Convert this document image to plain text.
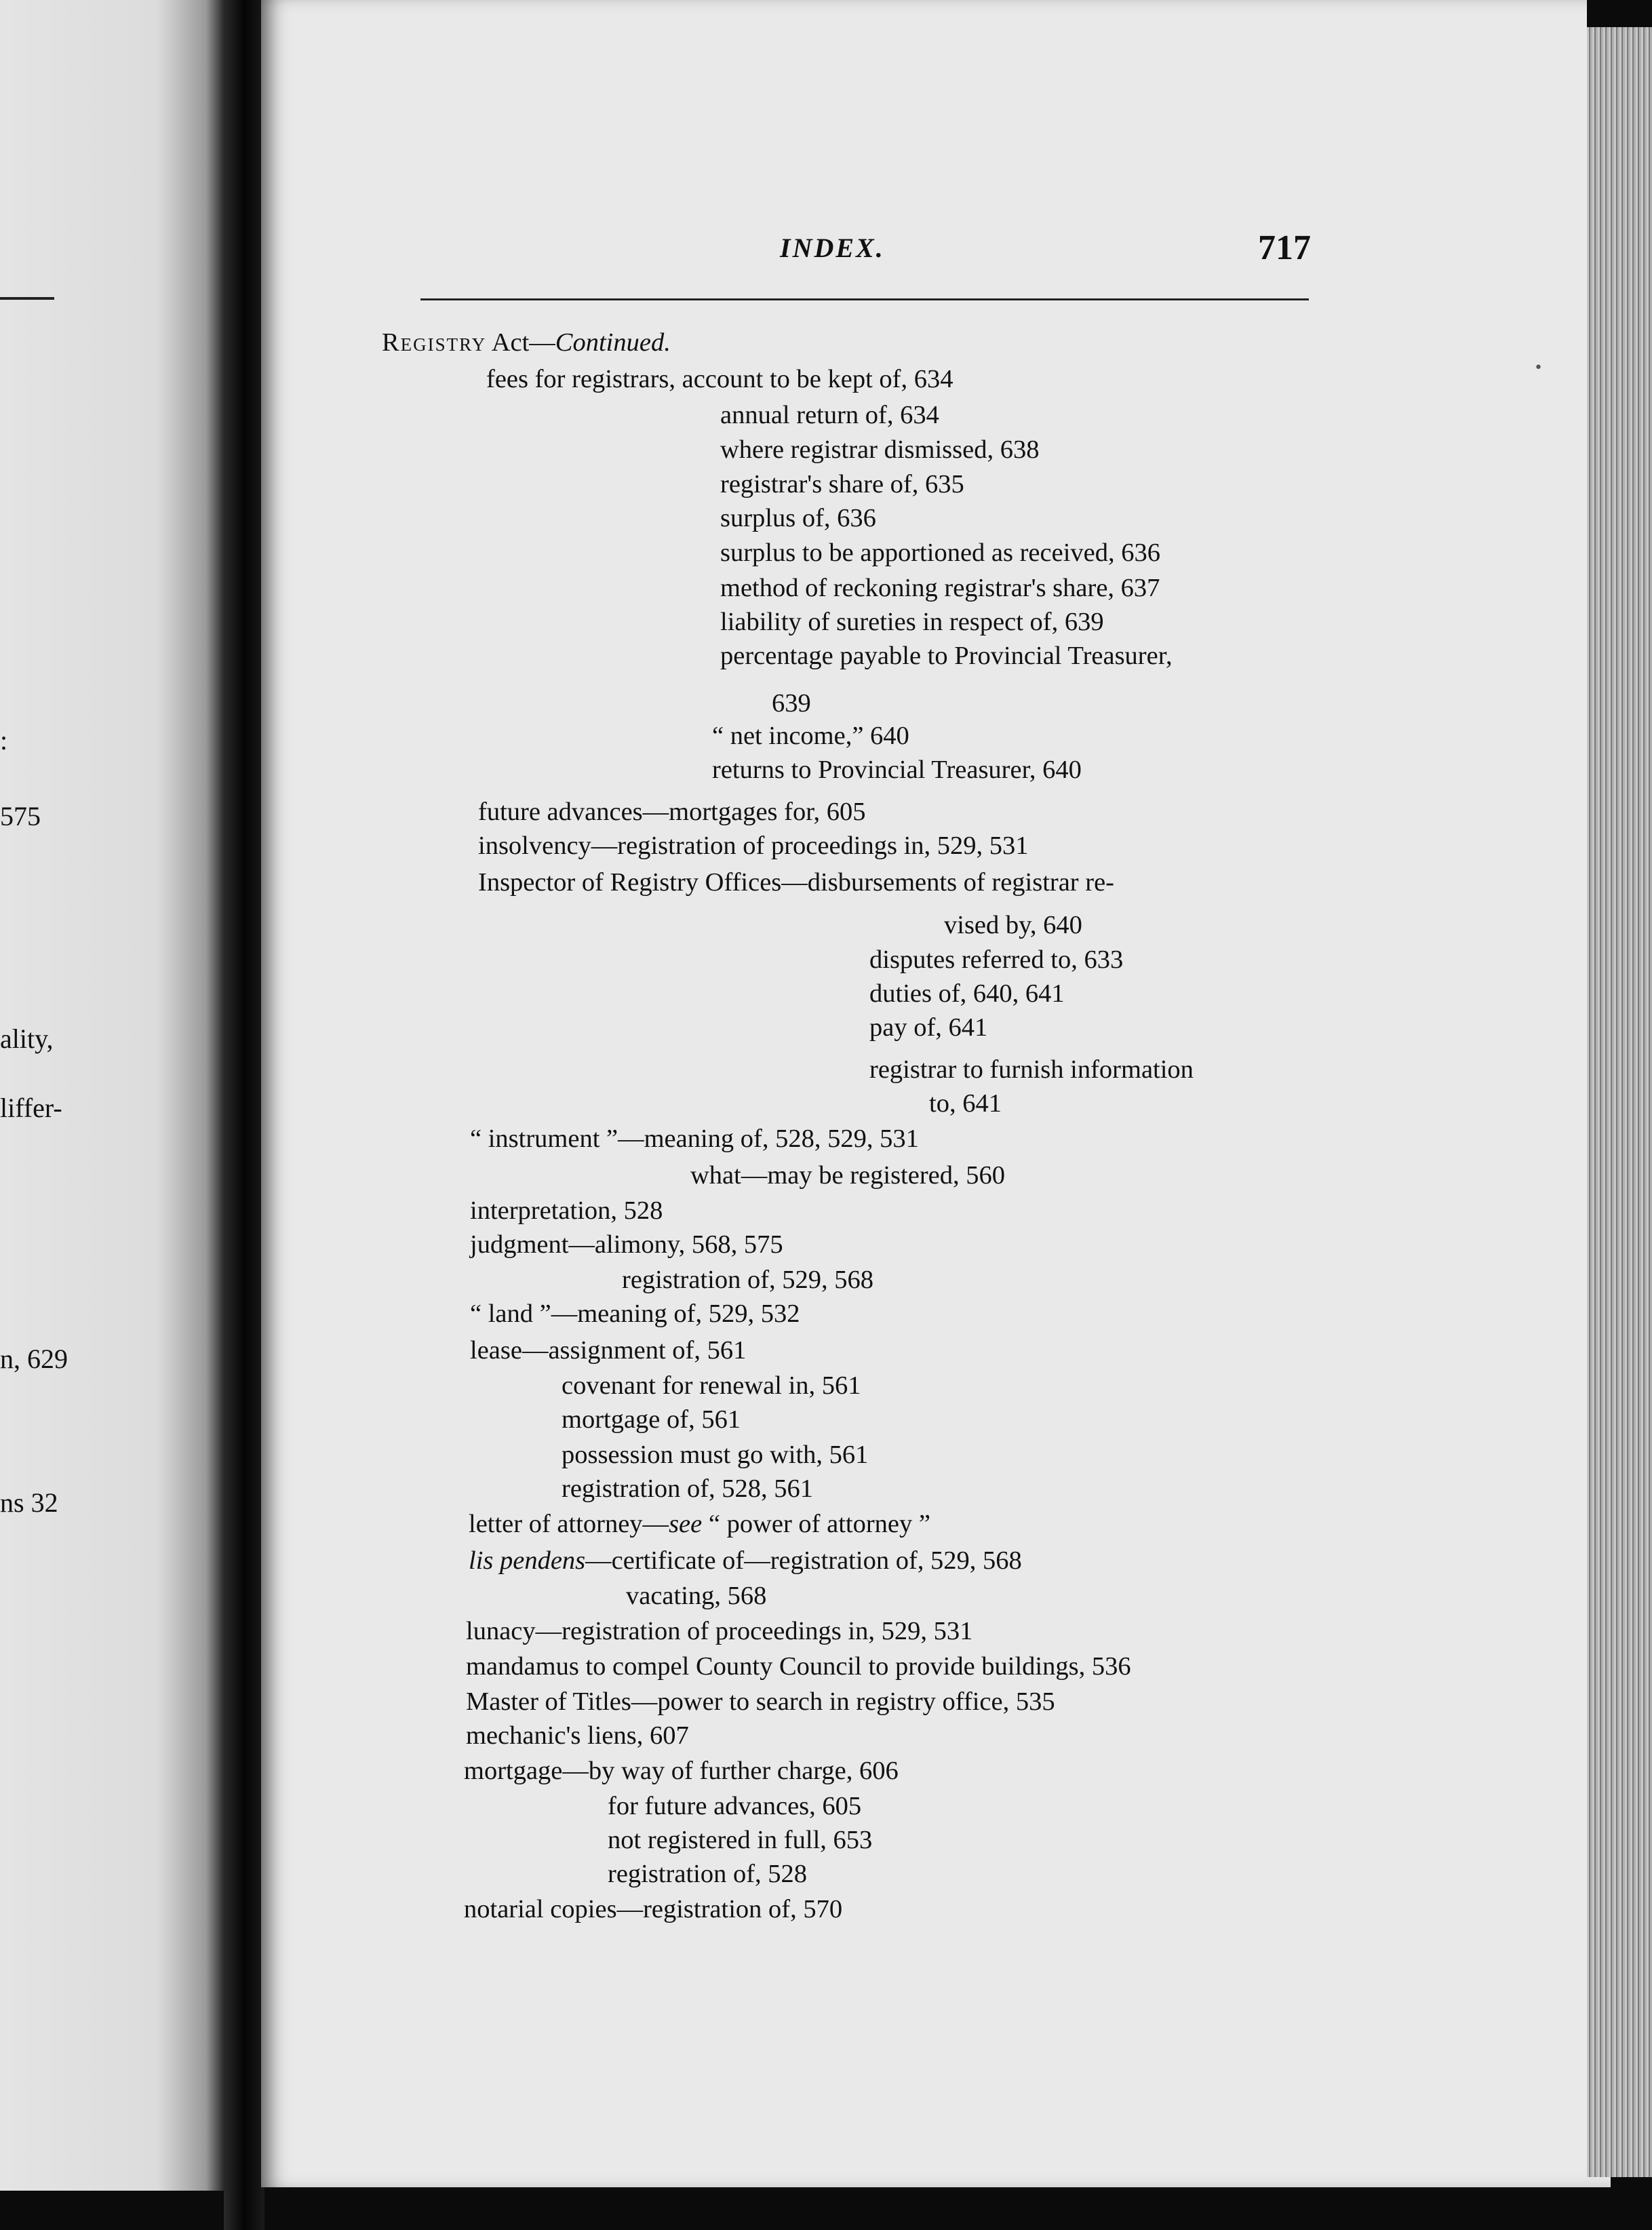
:
575
ality,
liffer-
n, 629
ns 32
INDEX.	717
•
Registry Act—Continued.
fees for registrars, account to be kept of, 634
annual return of, 634
where registrar dismissed, 638
registrar's share of, 635
surplus of, 636
surplus to be apportioned as received, 636
method of reckoning registrar's share, 637
liability of sureties in respect of, 639
percentage payable to Provincial Treasurer,
639
“ net income,” 640
returns to Provincial Treasurer, 640
future advances—mortgages for, 605
insolvency—registration of proceedings in, 529, 531
Inspector of Registry Offices—disbursements of registrar re-
vised by, 640
disputes referred to, 633
duties of, 640, 641
pay of, 641
registrar to furnish information
to, 641
“ instrument ”—meaning of, 528, 529, 531
what—may be registered, 560
interpretation, 528
judgment—alimony, 568, 575
registration of, 529, 568
“ land ”—meaning of, 529, 532
lease—assignment of, 561
covenant for renewal in, 561
mortgage of, 561
possession must go with, 561
registration of, 528, 561
letter of attorney—see “ power of attorney ”
lis pendens—certificate of—registration of, 529, 568
vacating, 568
lunacy—registration of proceedings in, 529, 531
mandamus to compel County Council to provide buildings, 536
Master of Titles—power to search in registry office, 535
mechanic's liens, 607
mortgage—by way of further charge, 606
for future advances, 605
not registered in full, 653
registration of, 528
notarial copies—registration of, 570
